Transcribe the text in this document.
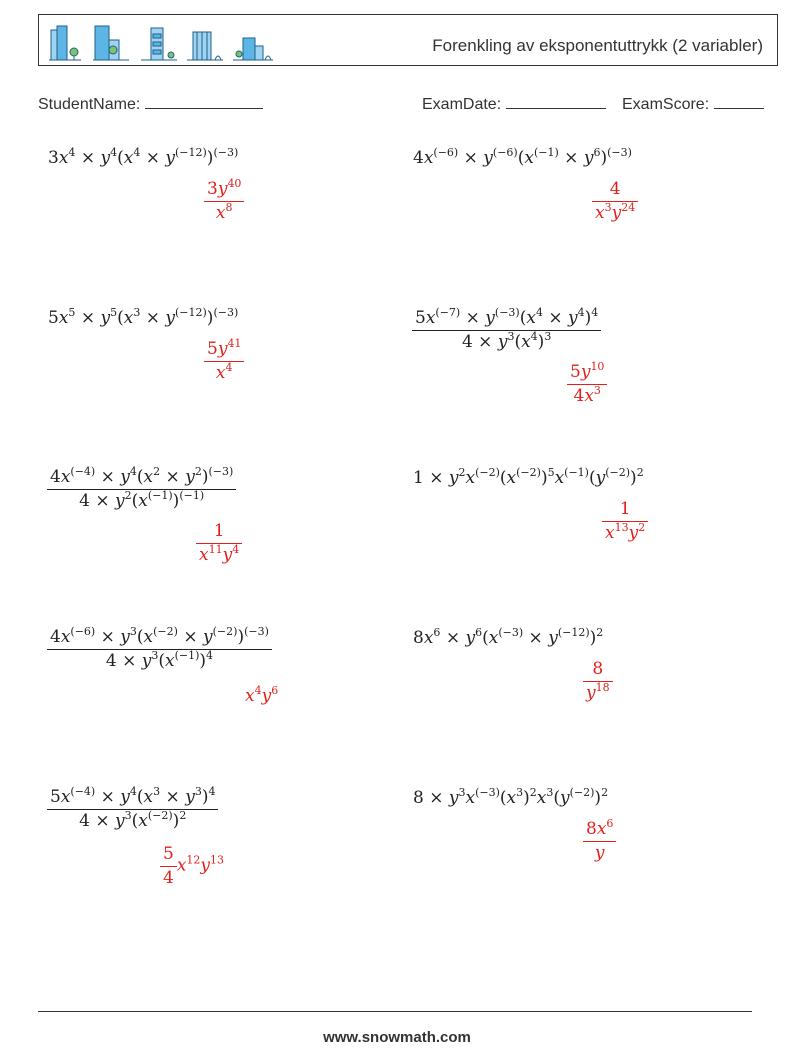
Forenkling av eksponentuttrykk (2 variabler)
StudentName:	ExamDate:	ExamScore:
$3x^4 \times y^4(x^4 \times y^{(-12)})^{(-3)}$
$\frac{3y^{40}}{x^8}$
$4x^{(-6)} \times y^{(-6)}(x^{(-1)} \times y^6)^{(-3)}$
$\frac{4}{x^3y^{24}}$
$5x^5 \times y^5(x^3 \times y^{(-12)})^{(-3)}$
$\frac{5y^{41}}{x^4}$
$\frac{5x^{(-7)} \times y^{(-3)}(x^4 \times y^4)^4}{4 \times y^3(x^4)^3}$
$\frac{5y^{10}}{4x^3}$
$\frac{4x^{(-4)} \times y^4(x^2 \times y^2)^{(-3)}}{4 \times y^2(x^{(-1)})^{(-1)}}$
$\frac{1}{x^{11}y^4}$
$1 \times y^2x^{(-2)}(x^{(-2)})^5x^{(-1)}(y^{(-2)})^2$
$\frac{1}{x^{13}y^2}$
$\frac{4x^{(-6)} \times y^3(x^{(-2)} \times y^{(-2)})^{(-3)}}{4 \times y^3(x^{(-1)})^4}$
$x^4y^6$
$8x^6 \times y^6(x^{(-3)} \times y^{(-12)})^2$
$\frac{8}{y^{18}}$
$\frac{5x^{(-4)} \times y^4(x^3 \times y^3)^4}{4 \times y^3(x^{(-2)})^2}$
$\frac{5}{4} x^{12}y^{13}$
$8 \times y^3x^{(-3)}(x^3)^2x^3(y^{(-2)})^2$
$\frac{8x^6}{y}$
www.snowmath.com
